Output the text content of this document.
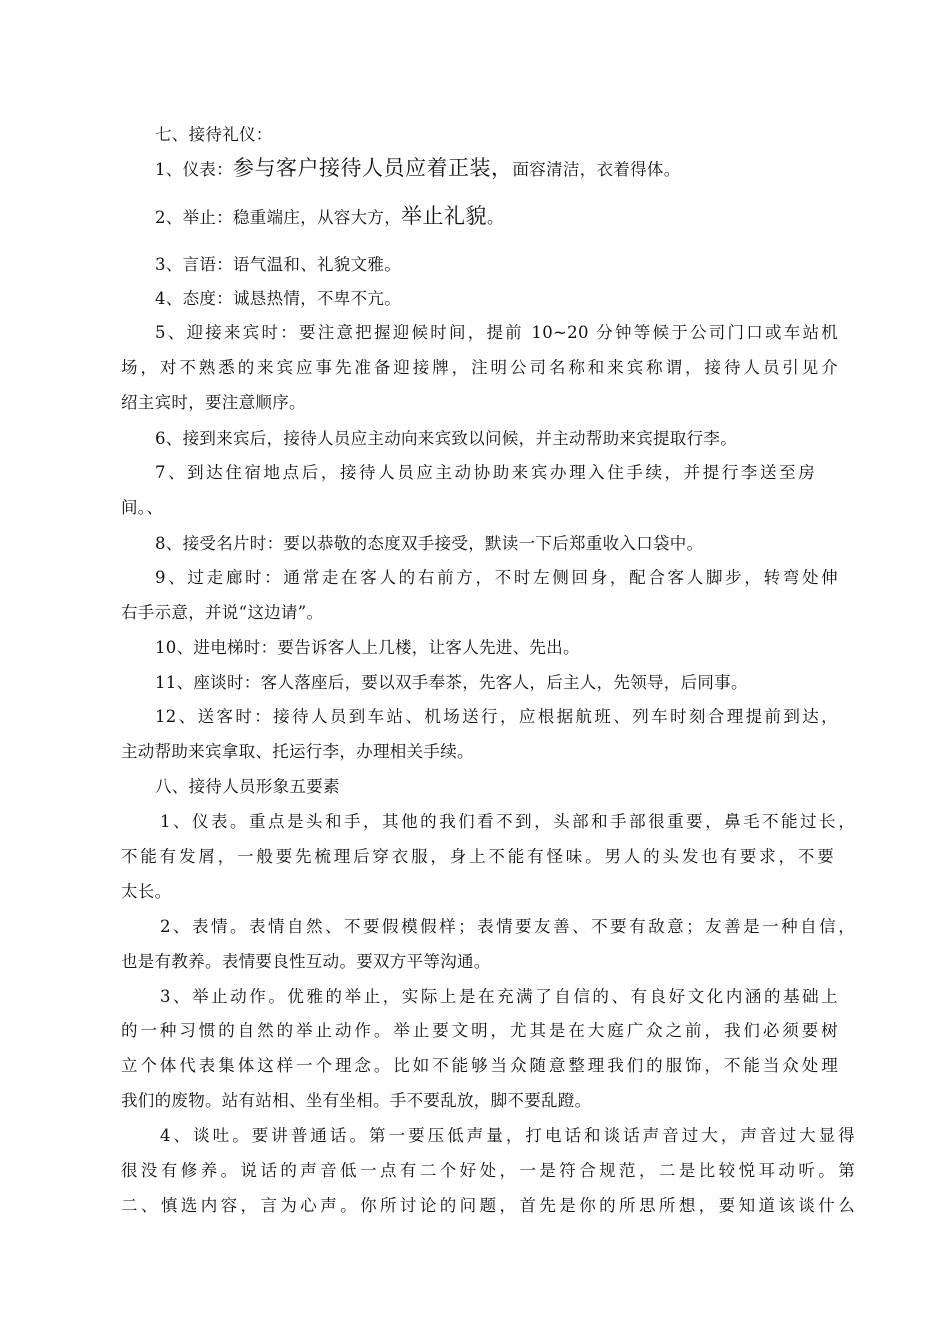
七、接待礼仪：
1、仪表：参与客户接待人员应着正装，面容清洁，衣着得体。
2、举止：稳重端庄，从容大方，举止礼貌。
3、言语：语气温和、礼貌文雅。
4、态度：诚恳热情，不卑不亢。
5、迎接来宾时：要注意把握迎候时间，提前 10~20 分钟等候于公司门口或车站机
场，对不熟悉的来宾应事先准备迎接牌，注明公司名称和来宾称谓，接待人员引见介
绍主宾时，要注意顺序。
6、接到来宾后，接待人员应主动向来宾致以问候，并主动帮助来宾提取行李。
7、到达住宿地点后，接待人员应主动协助来宾办理入住手续，并提行李送至房
间。、
8、接受名片时：要以恭敬的态度双手接受，默读一下后郑重收入口袋中。
9、过走廊时：通常走在客人的右前方，不时左侧回身，配合客人脚步，转弯处伸
右手示意，并说“这边请”。
10、进电梯时：要告诉客人上几楼，让客人先进、先出。
11、座谈时：客人落座后，要以双手奉茶，先客人，后主人，先领导，后同事。
12、送客时：接待人员到车站、机场送行，应根据航班、列车时刻合理提前到达，
主动帮助来宾拿取、托运行李，办理相关手续。
八、接待人员形象五要素
1、仪表。重点是头和手，其他的我们看不到，头部和手部很重要，鼻毛不能过长，
不能有发屑，一般要先梳理后穿衣服，身上不能有怪味。男人的头发也有要求，不要
太长。
2、表情。表情自然、不要假模假样；表情要友善、不要有敌意；友善是一种自信，
也是有教养。表情要良性互动。要双方平等沟通。
3、举止动作。优雅的举止，实际上是在充满了自信的、有良好文化内涵的基础上
的一种习惯的自然的举止动作。举止要文明，尤其是在大庭广众之前，我们必须要树
立个体代表集体这样一个理念。比如不能够当众随意整理我们的服饰，不能当众处理
我们的废物。站有站相、坐有坐相。手不要乱放，脚不要乱蹬。
4、谈吐。要讲普通话。第一要压低声量，打电话和谈话声音过大，声音过大显得
很没有修养。说话的声音低一点有二个好处，一是符合规范，二是比较悦耳动听。第
二、慎选内容，言为心声。你所讨论的问题，首先是你的所思所想，要知道该谈什么
